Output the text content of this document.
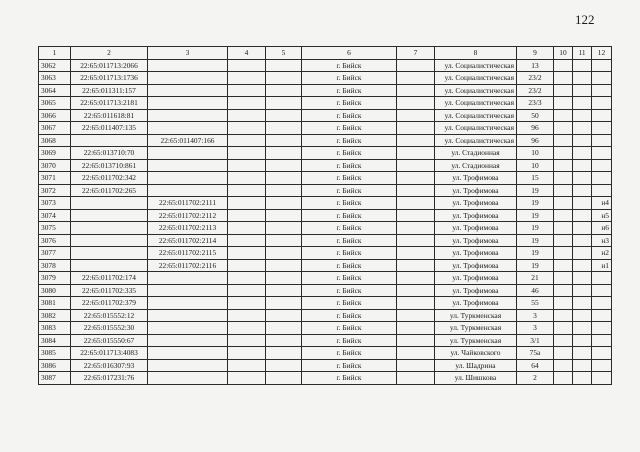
122
1	2	3	4	5	6	7	8	9	10	11	12
3062	22:65:011713:2066				г. Бийск		ул. Социалистическая	13			
3063	22:65:011713:1736				г. Бийск		ул. Социалистическая	23/2			
3064	22:65:011311:157				г. Бийск		ул. Социалистическая	23/2			
3065	22:65:011713:2181				г. Бийск		ул. Социалистическая	23/3			
3066	22:65:011618:81				г. Бийск		ул. Социалистическая	50			
3067	22:65:011407:135				г. Бийск		ул. Социалистическая	96			
3068		22:65:011407:166			г. Бийск		ул. Социалистическая	96			
3069	22:65:013710:70				г. Бийск		ул. Стадионная	10			
3070	22:65:013710:861				г. Бийск		ул. Стадионная	10			
3071	22:65:011702:342				г. Бийск		ул. Трофимова	15			
3072	22:65:011702:265				г. Бийск		ул. Трофимова	19			
3073		22:65:011702:2111			г. Бийск		ул. Трофимова	19			н4
3074		22:65:011702:2112			г. Бийск		ул. Трофимова	19			н5
3075		22:65:011702:2113			г. Бийск		ул. Трофимова	19			н6
3076		22:65:011702:2114			г. Бийск		ул. Трофимова	19			н3
3077		22:65:011702:2115			г. Бийск		ул. Трофимова	19			н2
3078		22:65:011702:2116			г. Бийск		ул. Трофимова	19			н1
3079	22:65:011702:174				г. Бийск		ул. Трофимова	21			
3080	22:65:011702:335				г. Бийск		ул. Трофимова	46			
3081	22:65:011702:379				г. Бийск		ул. Трофимова	55			
3082	22:65:015552:12				г. Бийск		ул. Туркменская	3			
3083	22:65:015552:30				г. Бийск		ул. Туркменская	3			
3084	22:65:015550:67				г. Бийск		ул. Туркменская	3/1			
3085	22:65:011713:4083				г. Бийск		ул. Чайковского	75а			
3086	22:65:016307:93				г. Бийск		ул. Шадрина	64			
3087	22:65:017231:76				г. Бийск		ул. Шишкова	2			
